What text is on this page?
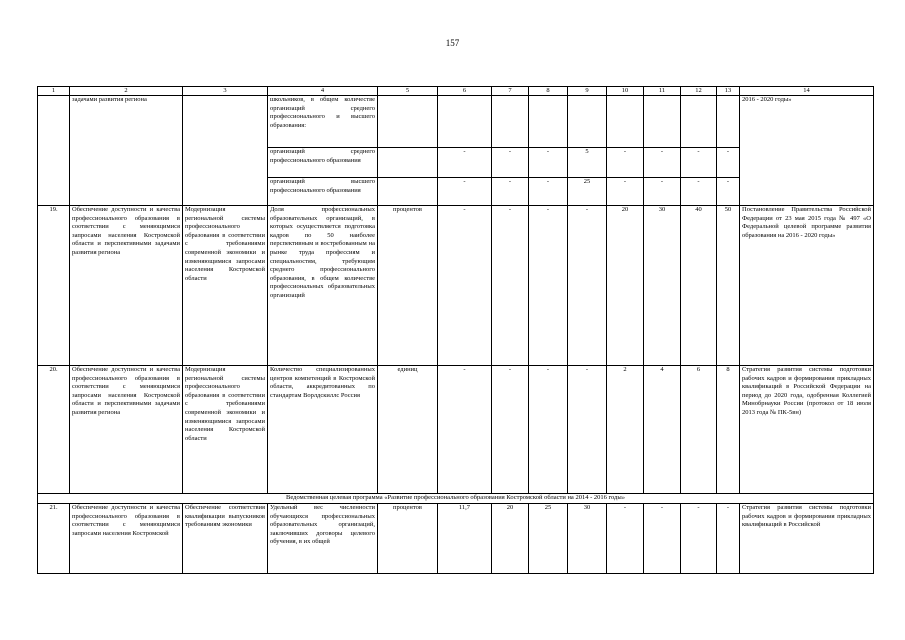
157
1	2	3	4	5	6	7	8	9	10	11	12	13	14
	задачами развития региона		школьников, в общем количестве организаций среднего профессионального и высшего образования:										2016 - 2020 годы»
			организаций среднего профессионального образования		-	-	-	5	-	-	-	-	
			организаций высшего профессионального образования		-	-	-	25	-	-	-	-	
19.	Обеспечение доступности и качества профессионального образования в соответствии с меняющимися запросами населения Костромской области и перспективными задачами развития региона	Модернизация региональной системы профессионального образования в соответствии с требованиями современной экономики и изменяющимися запросами населения Костромской области	Доля профессиональных образовательных организаций, в которых осуществляется подготовка кадров по 50 наиболее перспективным и востребованным на рынке труда профессиям и специальностям, требующим среднего профессионального образования, в общем количестве профессиональных образовательных организаций	процентов	-	-	-	-	20	30	40	50	Постановление Правительства Российской Федерации от 23 мая 2015 года № 497 «О Федеральной целевой программе развития образования на 2016 - 2020 годы»
20.	Обеспечение доступности и качества профессионального образования в соответствии с меняющимися запросами населения Костромской области и перспективными задачами развития региона	Модернизация региональной системы профессионального образования в соответствии с требованиями современной экономики и изменяющимися запросами населения Костромской области	Количество специализированных центров компетенций в Костромской области, аккредитованных по стандартам Ворлдскиллс Россия	единиц	-	-	-	-	2	4	6	8	Стратегия развития системы подготовки рабочих кадров и формирования прикладных квалификаций в Российской Федерации на период до 2020 года, одобренная Коллегией Минобрнауки России (протокол от 18 июля 2013 года № ПК-5вн)
Ведомственная целевая программа «Развитие профессионального образования Костромской области на 2014 - 2016 годы»													
21.	Обеспечение доступности и качества профессионального образования в соответствии с меняющимися запросами населения Костромской	Обеспечение соответствия квалификации выпускников требованиям экономики	Удельный вес численности обучающихся профессиональных образовательных организаций, заключивших договоры целевого обучения, в их общей	процентов	11,7	20	25	30	-	-	-	-	Стратегия развития системы подготовки рабочих кадров и формирования прикладных квалификаций в Российской
